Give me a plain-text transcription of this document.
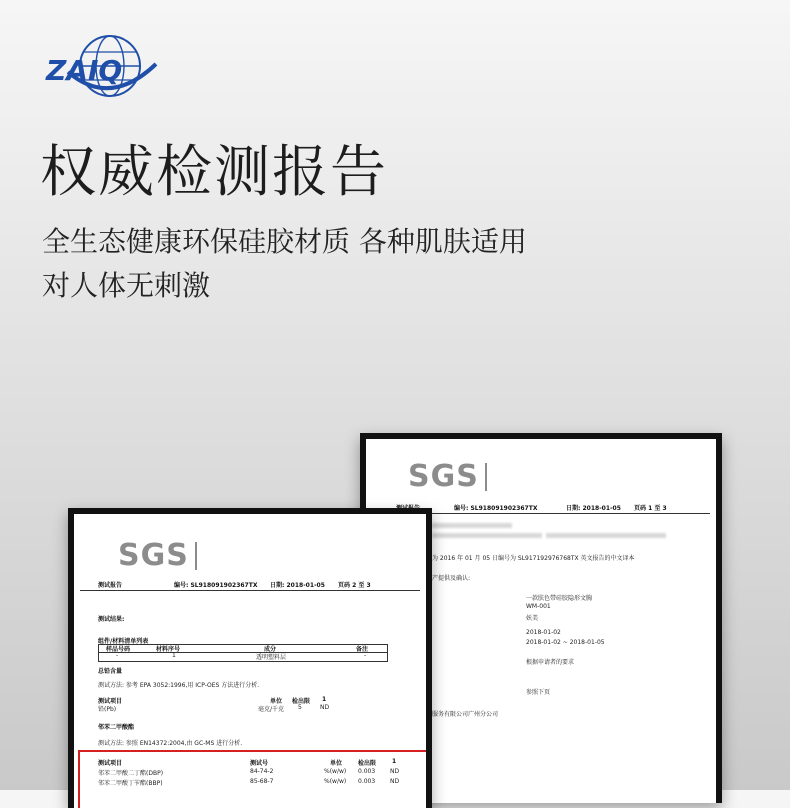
ZAIQ
权威检测报告
全生态健康环保硅胶材质 各种肌肤适用
对人体无刺激
SGS
编号: SL918091902367TX	日期: 2018-01-05 页码 1 至 3
为 2016 年 01 月 05 日编号为 SL917192976768TX 英文报告的中文译本
产提供及确认:
一款肤色带硅胶隐形文胸
WM-001
妖美
2018-01-02
2018-01-02 ~ 2018-01-05
根据申请者的要求
参照下页
服务有限公司广州分公司
SGS
测试报告	编号: SL918091902367TX 日期: 2018-01-05 页码 2 至 3
测试结果:
组件/材料清单列表
样品号码	材料序号	成分	备注
-	1	透明塑料层	-
总铅含量
测试方法: 参考 EPA 3052:1996,用 ICP-OES 方法进行分析.
测试项目	单位 检出限 1
铅(Pb)	毫克/千克 5	ND
邻苯二甲酸酯
测试方法: 参照 EN14372:2004,由 GC-MS 进行分析.
测试项目	测试号	单位	检出限	1
邻苯二甲酸二丁酯(DBP)	84-74-2	%(w/w) 0.003 ND
邻苯二甲酸丁苄酯(BBP)	85-68-7	%(w/w) 0.003 ND
